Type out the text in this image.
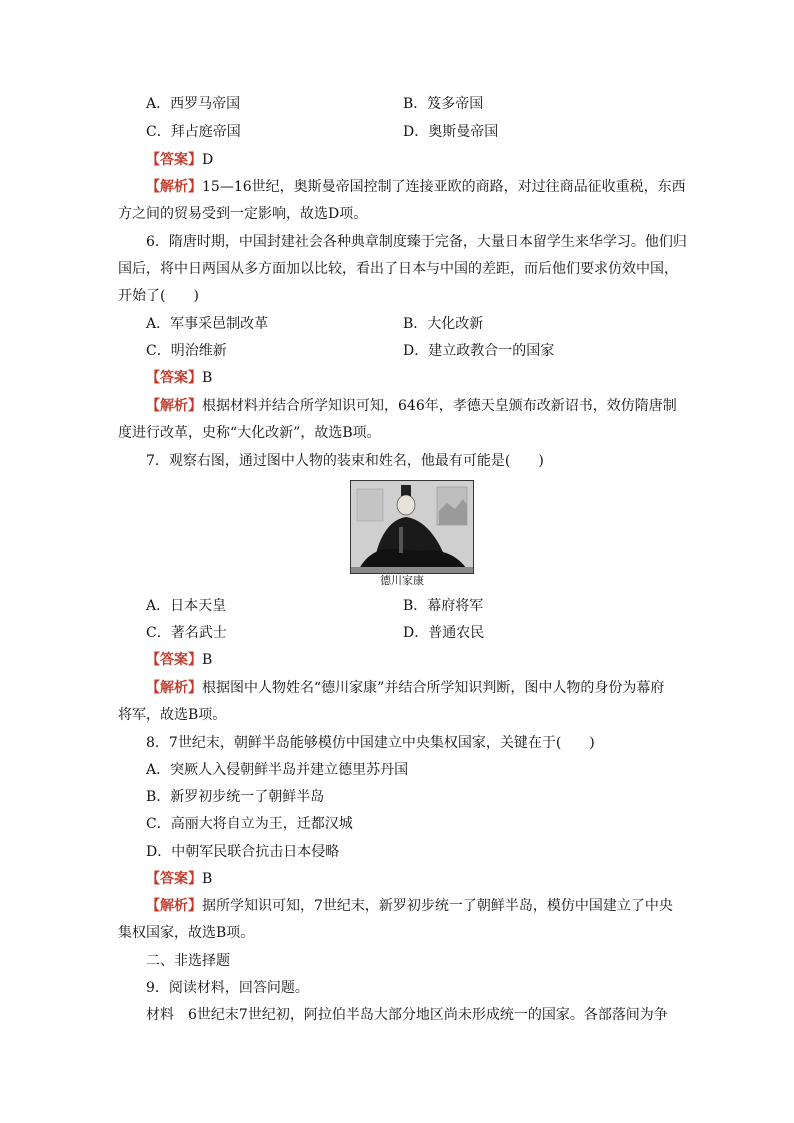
A．西罗马帝国	B．笈多帝国
C．拜占庭帝国	D．奥斯曼帝国
【答案】D
【解析】15—16世纪，奥斯曼帝国控制了连接亚欧的商路，对过往商品征收重税，东西
方之间的贸易受到一定影响，故选D项。
6．隋唐时期，中国封建社会各种典章制度臻于完备，大量日本留学生来华学习。他们归
国后，将中日两国从多方面加以比较，看出了日本与中国的差距，而后他们要求仿效中国，
开始了(　　)
A．军事采邑制改革	B．大化改新
C．明治维新	D．建立政教合一的国家
【答案】B
【解析】根据材料并结合所学知识可知，646年，孝德天皇颁布改新诏书，效仿隋唐制
度进行改革，史称“大化改新”，故选B项。
7．观察右图，通过图中人物的装束和姓名，他最有可能是(　　)
德川家康
A．日本天皇	B．幕府将军
C．著名武士	D．普通农民
【答案】B
【解析】根据图中人物姓名“德川家康”并结合所学知识判断，图中人物的身份为幕府
将军，故选B项。
8．7世纪末，朝鲜半岛能够模仿中国建立中央集权国家，关键在于(　　)
A．突厥人入侵朝鲜半岛并建立德里苏丹国
B．新罗初步统一了朝鲜半岛
C．高丽大将自立为王，迁都汉城
D．中朝军民联合抗击日本侵略
【答案】B
【解析】据所学知识可知，7世纪末，新罗初步统一了朝鲜半岛，模仿中国建立了中央
集权国家，故选B项。
二、非选择题
9．阅读材料，回答问题。
材料　6世纪末7世纪初，阿拉伯半岛大部分地区尚未形成统一的国家。各部落间为争
